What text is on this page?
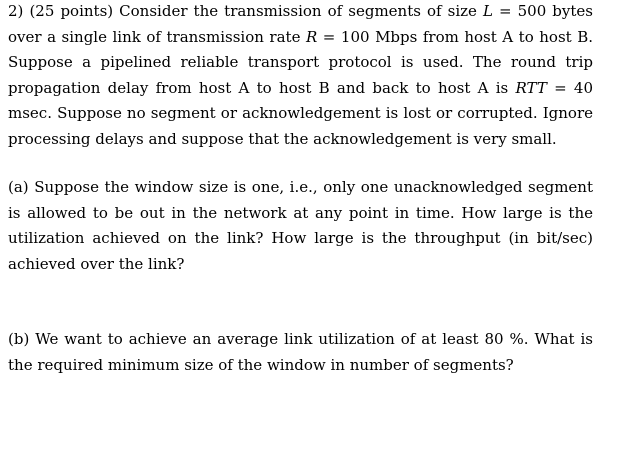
2) (25 points) Consider the transmission of segments of size L = 500 bytes over a single link of transmission rate R = 100 Mbps from host A to host B. Suppose a pipelined reliable transport protocol is used. The round trip propagation delay from host A to host B and back to host A is RTT = 40 msec. Suppose no segment or acknowledgement is lost or corrupted. Ignore processing delays and suppose that the acknowledgement is very small.
(a) Suppose the window size is one, i.e., only one unacknowledged segment is allowed to be out in the network at any point in time. How large is the utilization achieved on the link? How large is the throughput (in bit/sec) achieved over the link?
(b) We want to achieve an average link utilization of at least 80 %. What is the required minimum size of the window in number of segments?
